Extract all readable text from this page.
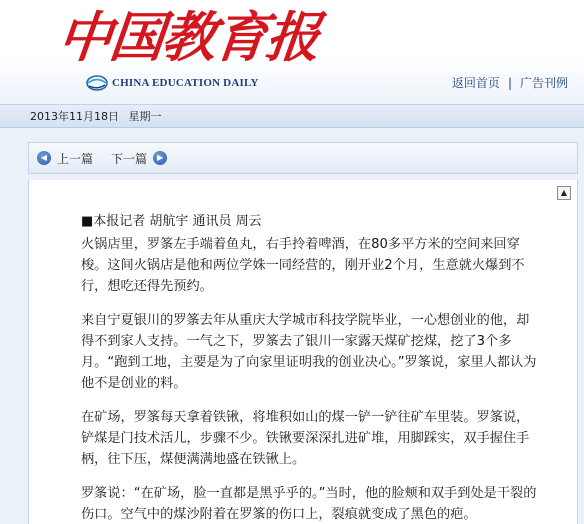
中国教育报
CHINA EDUCATION DAILY	返回首页 | 广告刊例
2013年11月18日 星期一
◀ 上一篇 下一篇	▶
▲
■本报记者 胡航宇 通讯员 周云

火锅店里，罗筿左手端着鱼丸，右手拎着啤酒，在80多平方米的空间来回穿梭。这间火锅店是他和两位学姝一同经营的，刚开业2个月，生意就火爆到不行，想吃还得先预约。

来自宁夏银川的罗筿去年从重庆大学城市科技学院毕业，一心想创业的他，却得不到家人支持。一气之下，罗筿去了银川一家露天煤矿挖煤，挖了3个多月。“跑到工地，主要是为了向家里证明我的创业决心。”罗筿说，家里人都认为他不是创业的料。

在矿场，罗筿每天拿着铁锹，将堆积如山的煤一铲一铲往矿车里装。罗筿说，铲煤是门技术活儿，步骤不少。铁锹要深深扎进矿堆，用脚踩实，双手握住手柄，往下压，煤便满满地盛在铁锹上。

罗筿说：“在矿场，脸一直都是黑乎乎的。”当时，他的脸颊和双手到处是干裂的伤口。空气中的煤沙附着在罗筿的伤口上，裂痕就变成了黑色的疤。
